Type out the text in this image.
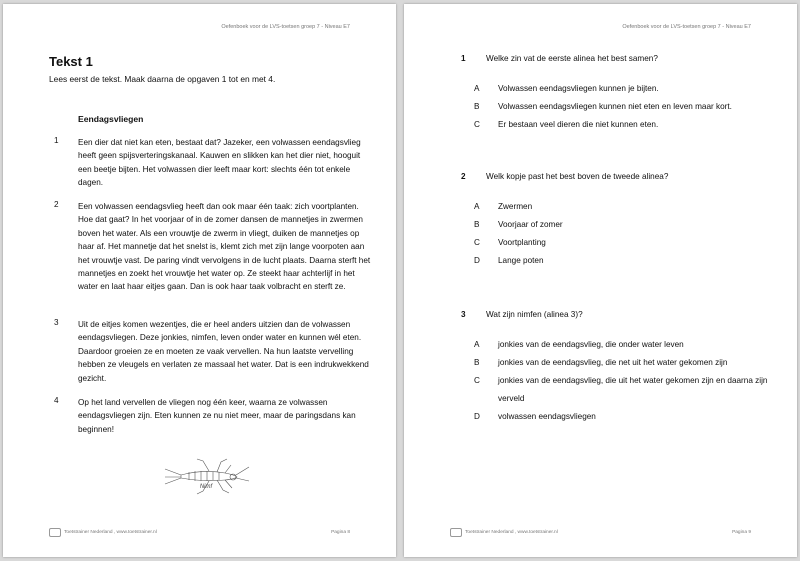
Oefenboek voor de LVS-toetsen groep 7 - Niveau E7
Tekst 1
Lees eerst de tekst. Maak daarna de opgaven 1 tot en met 4.
Eendagsvliegen
1 Een dier dat niet kan eten, bestaat dat? Jazeker, een volwassen eendagsvlieg heeft geen spijsverteringskanaal. Kauwen en slikken kan het dier niet, hooguit een beetje bijten. Het volwassen dier leeft maar kort: slechts één tot enkele dagen.
2 Een volwassen eendagsvlieg heeft dan ook maar één taak: zich voortplanten. Hoe dat gaat? In het voorjaar of in de zomer dansen de mannetjes in zwermen boven het water. Als een vrouwtje de zwerm in vliegt, duiken de mannetjes op haar af. Het mannetje dat het snelst is, klemt zich met zijn lange voorpoten aan het vrouwtje vast. De paring vindt vervolgens in de lucht plaats. Daarna sterft het mannetjes en zoekt het vrouwtje het water op. Ze steekt haar achterlijf in het water en laat haar eitjes gaan. Dan is ook haar taak volbracht en sterft ze.
3 Uit de eitjes komen wezentjes, die er heel anders uitzien dan de volwassen eendagsvliegen. Deze jonkies, nimfen, leven onder water en kunnen wél eten. Daardoor groeien ze en moeten ze vaak vervellen. Na hun laatste vervelling hebben ze vleugels en verlaten ze massaal het water. Dat is een indrukwekkend gezicht.
4 Op het land vervellen de vliegen nog één keer, waarna ze volwassen eendagsvliegen zijn. Eten kunnen ze nu niet meer, maar de paringsdans kan beginnen!
Nimf
Toetstrainer Nederland , www.toetstrainer.nl	Pagina 8
Oefenboek voor de LVS-toetsen groep 7 - Niveau E7
1 Welke zin vat de eerste alinea het best samen?
A Volwassen eendagsvliegen kunnen je bijten.
B Volwassen eendagsvliegen kunnen niet eten en leven maar kort.
C Er bestaan veel dieren die niet kunnen eten.
2 Welk kopje past het best boven de tweede alinea?
A Zwermen
B Voorjaar of zomer
C Voortplanting
D Lange poten
3 Wat zijn nimfen (alinea 3)?
A jonkies van de eendagsvlieg, die onder water leven
B jonkies van de eendagsvlieg, die net uit het water gekomen zijn
C jonkies van de eendagsvlieg, die uit het water gekomen zijn en daarna zijn verveld
D volwassen eendagsvliegen
Toetstrainer Nederland , www.toetstrainer.nl	Pagina 9
